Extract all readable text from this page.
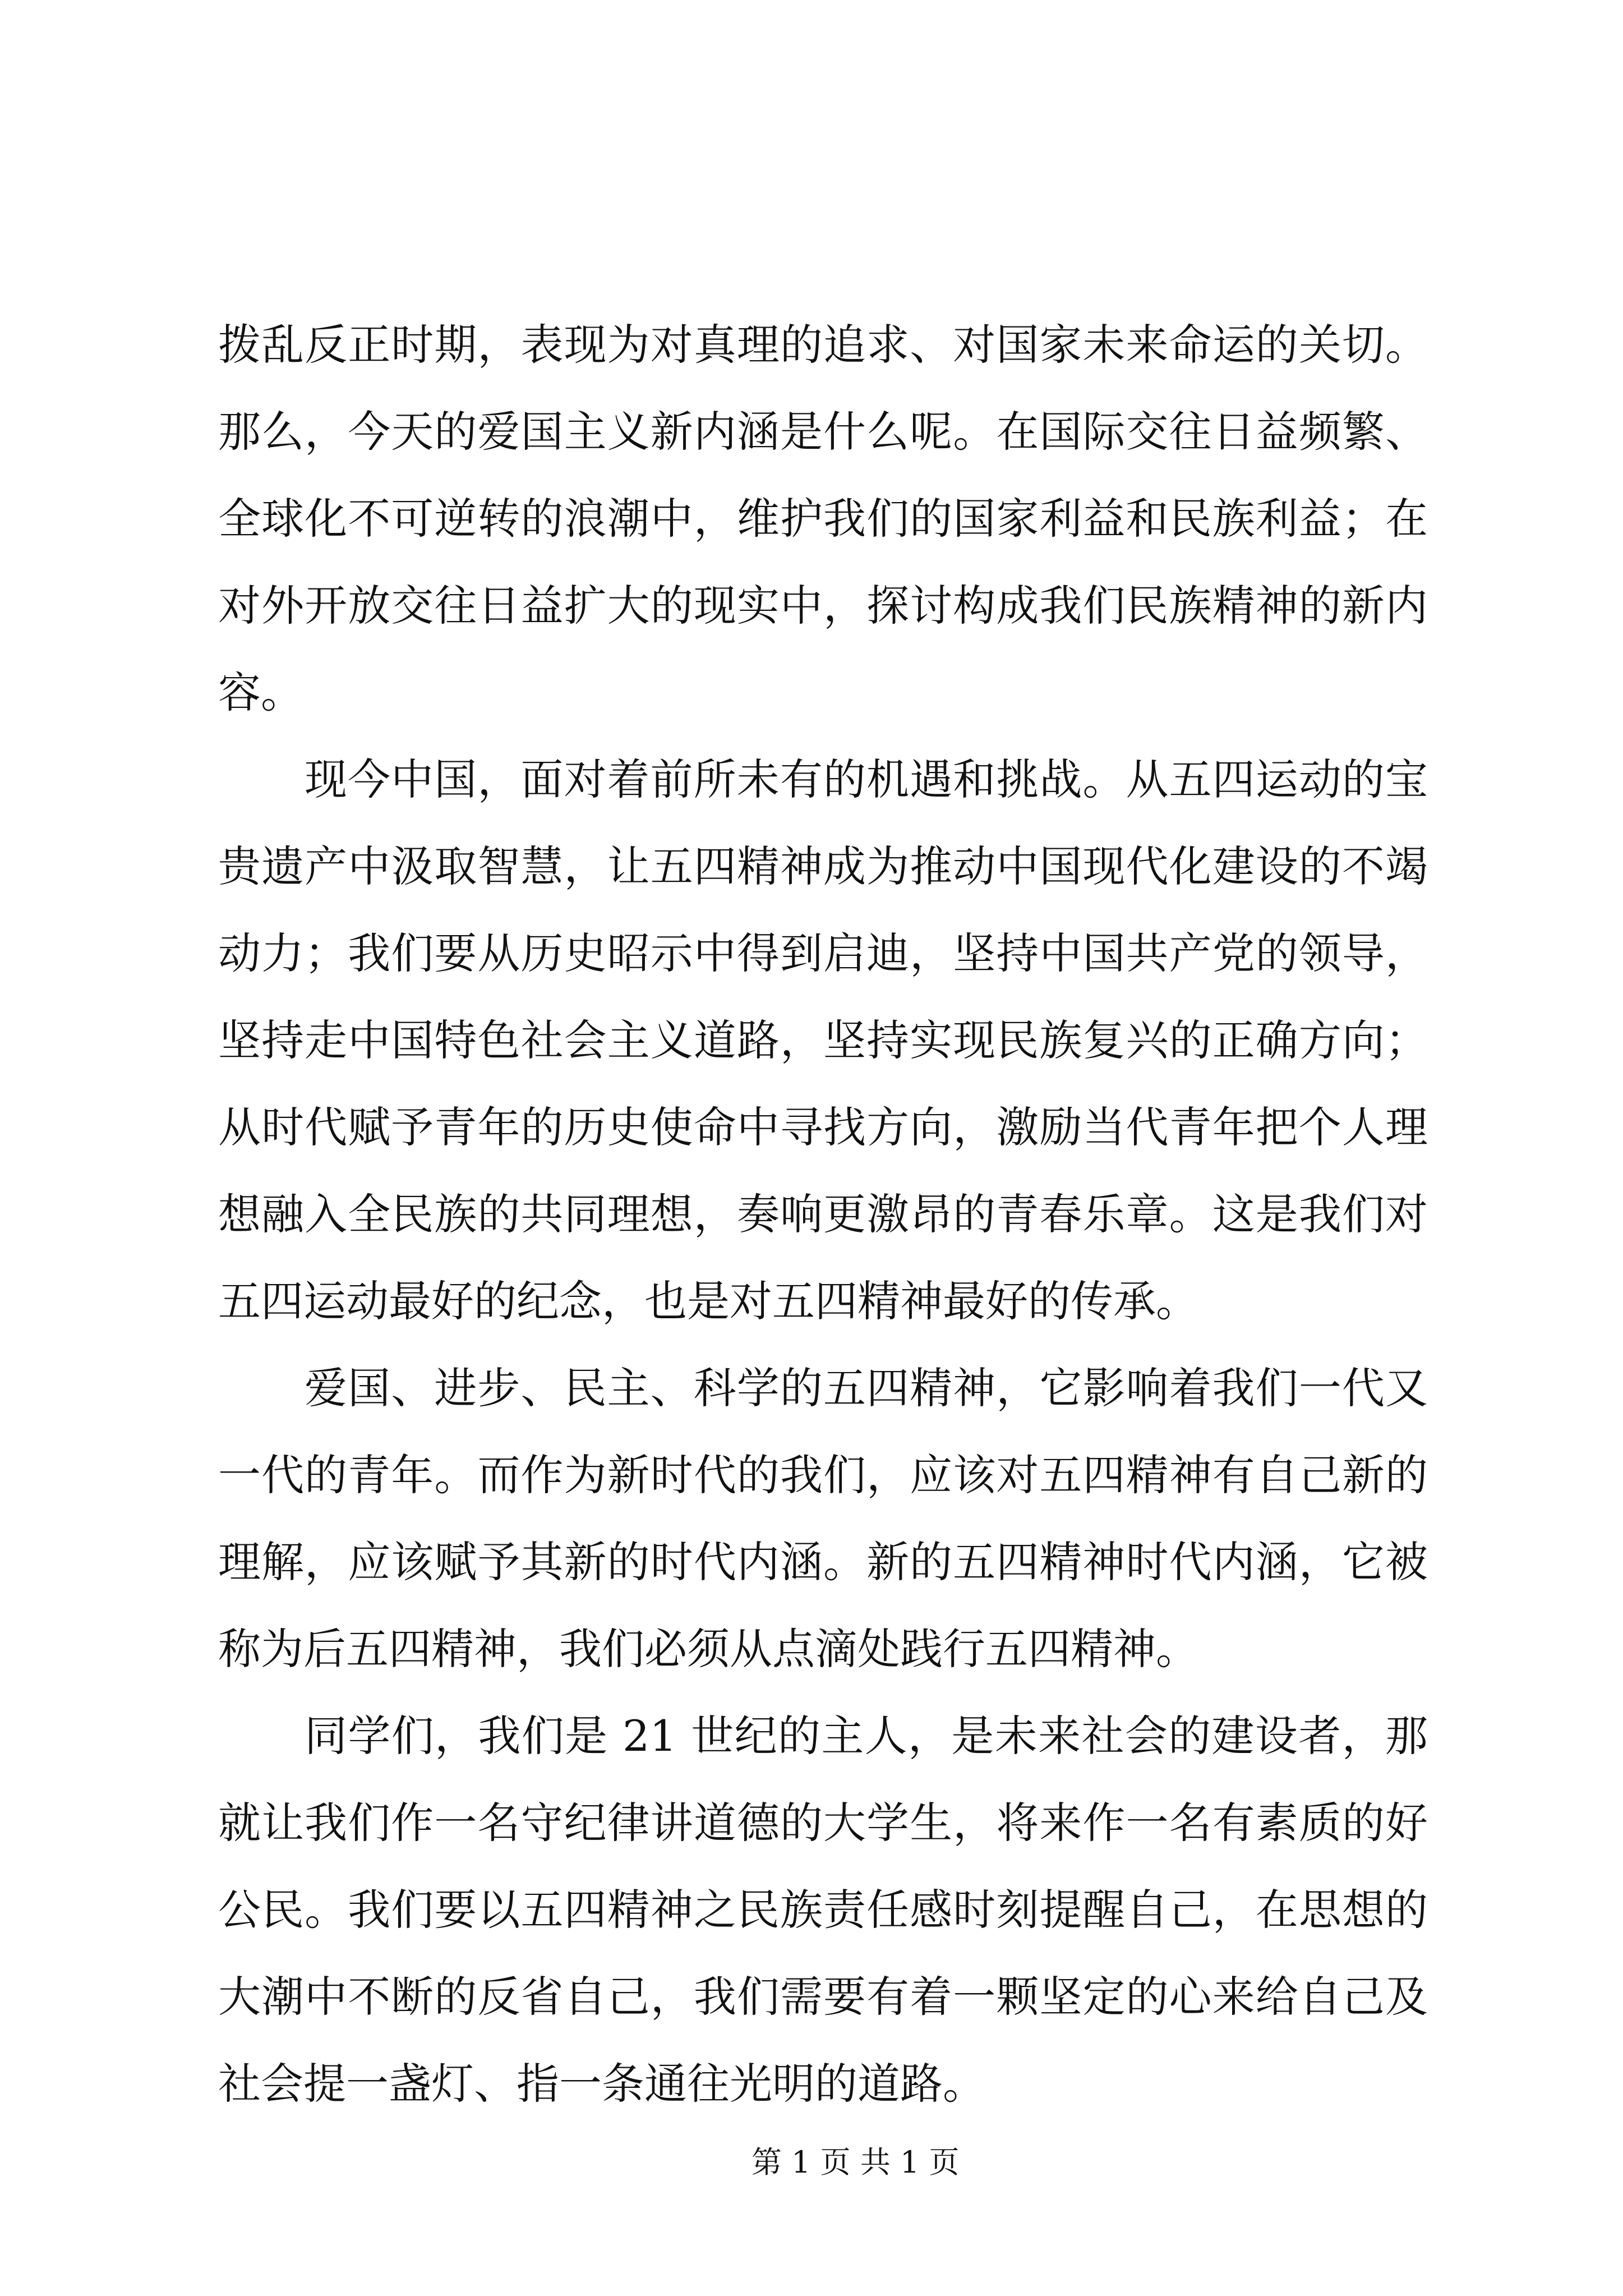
拨乱反正时期，表现为对真理的追求、对国家未来命运的关切。
那么，今天的爱国主义新内涵是什么呢。在国际交往日益频繁、
全球化不可逆转的浪潮中，维护我们的国家利益和民族利益；在
对外开放交往日益扩大的现实中，探讨构成我们民族精神的新内
容。
现今中国，面对着前所未有的机遇和挑战。从五四运动的宝
贵遗产中汲取智慧，让五四精神成为推动中国现代化建设的不竭
动力；我们要从历史昭示中得到启迪，坚持中国共产党的领导，
坚持走中国特色社会主义道路，坚持实现民族复兴的正确方向；
从时代赋予青年的历史使命中寻找方向，激励当代青年把个人理
想融入全民族的共同理想，奏响更激昂的青春乐章。这是我们对
五四运动最好的纪念，也是对五四精神最好的传承。
爱国、进步、民主、科学的五四精神，它影响着我们一代又
一代的青年。而作为新时代的我们，应该对五四精神有自己新的
理解，应该赋予其新的时代内涵。新的五四精神时代内涵，它被
称为后五四精神，我们必须从点滴处践行五四精神。
同学们，我们是 21 世纪的主人，是未来社会的建设者，那
就让我们作一名守纪律讲道德的大学生，将来作一名有素质的好
公民。我们要以五四精神之民族责任感时刻提醒自己，在思想的
大潮中不断的反省自己，我们需要有着一颗坚定的心来给自己及
社会提一盏灯、指一条通往光明的道路。
第 1 页 共 1 页
